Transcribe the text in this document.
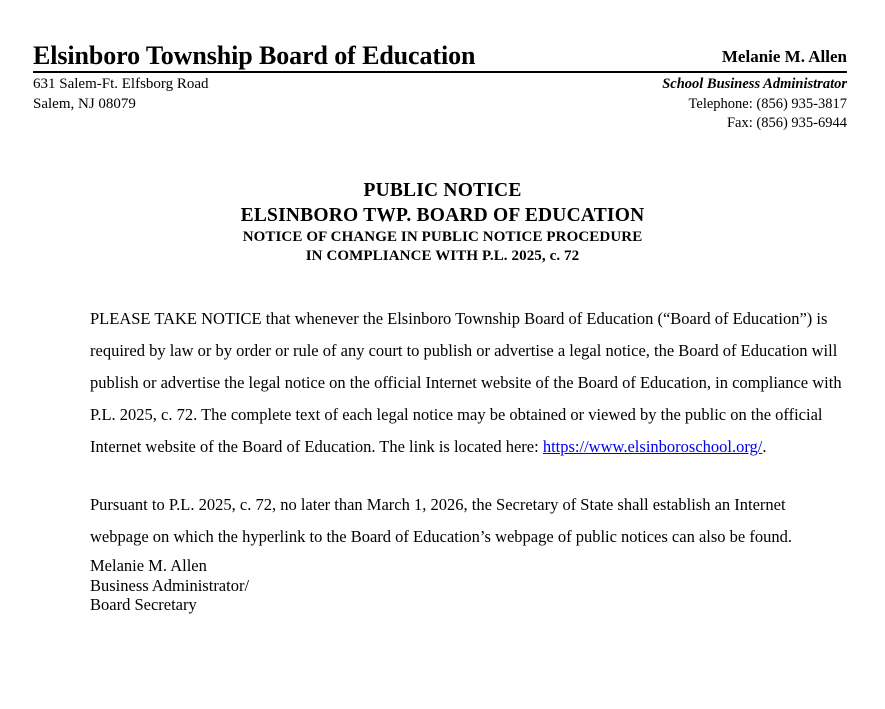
Elsinboro Township Board of Education	Melanie M. Allen
631 Salem-Ft. Elfsborg Road
Salem, NJ 08079
School Business Administrator
Telephone: (856) 935-3817
Fax: (856) 935-6944
PUBLIC NOTICE
ELSINBORO TWP. BOARD OF EDUCATION
NOTICE OF CHANGE IN PUBLIC NOTICE PROCEDURE
IN COMPLIANCE WITH P.L. 2025, c. 72

PLEASE TAKE NOTICE that whenever the Elsinboro Township Board of Education (“Board of Education”) is required by law or by order or rule of any court to publish or advertise a legal notice, the Board of Education will publish or advertise the legal notice on the official Internet website of the Board of Education, in compliance with P.L. 2025, c. 72. The complete text of each legal notice may be obtained or viewed by the public on the official Internet website of the Board of Education. The link is located here: https://www.elsinboroschool.org/.

Pursuant to P.L. 2025, c. 72, no later than March 1, 2026, the Secretary of State shall establish an Internet webpage on which the hyperlink to the Board of Education’s webpage of public notices can also be found.

Melanie M. Allen
Business Administrator/
Board Secretary
